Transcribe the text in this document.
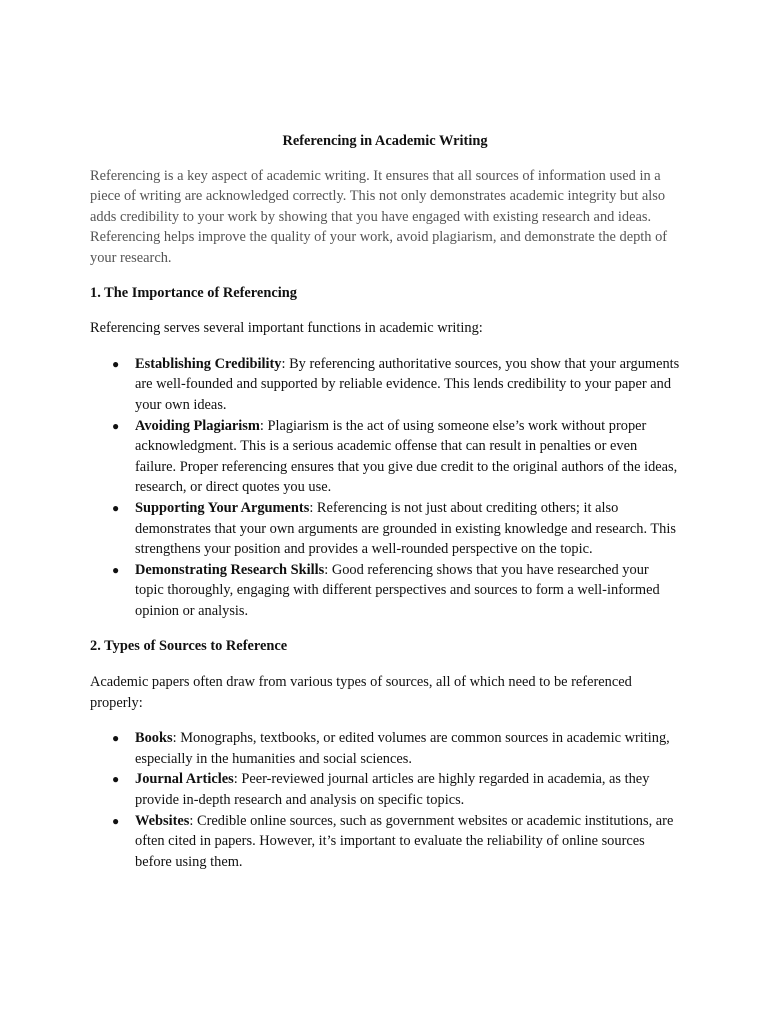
Referencing in Academic Writing

Referencing is a key aspect of academic writing. It ensures that all sources of information used in a piece of writing are acknowledged correctly. This not only demonstrates academic integrity but also adds credibility to your work by showing that you have engaged with existing research and ideas. Referencing helps improve the quality of your work, avoid plagiarism, and demonstrate the depth of your research.

1. The Importance of Referencing

Referencing serves several important functions in academic writing:

● Establishing Credibility: By referencing authoritative sources, you show that your arguments are well-founded and supported by reliable evidence. This lends credibility to your paper and your own ideas.
● Avoiding Plagiarism: Plagiarism is the act of using someone else’s work without proper acknowledgment. This is a serious academic offense that can result in penalties or even failure. Proper referencing ensures that you give due credit to the original authors of the ideas, research, or direct quotes you use.
● Supporting Your Arguments: Referencing is not just about crediting others; it also demonstrates that your own arguments are grounded in existing knowledge and research. This strengthens your position and provides a well-rounded perspective on the topic.
● Demonstrating Research Skills: Good referencing shows that you have researched your topic thoroughly, engaging with different perspectives and sources to form a well-informed opinion or analysis.

2. Types of Sources to Reference

Academic papers often draw from various types of sources, all of which need to be referenced properly:

● Books: Monographs, textbooks, or edited volumes are common sources in academic writing, especially in the humanities and social sciences.
● Journal Articles: Peer-reviewed journal articles are highly regarded in academia, as they provide in-depth research and analysis on specific topics.
● Websites: Credible online sources, such as government websites or academic institutions, are often cited in papers. However, it’s important to evaluate the reliability of online sources before using them.
